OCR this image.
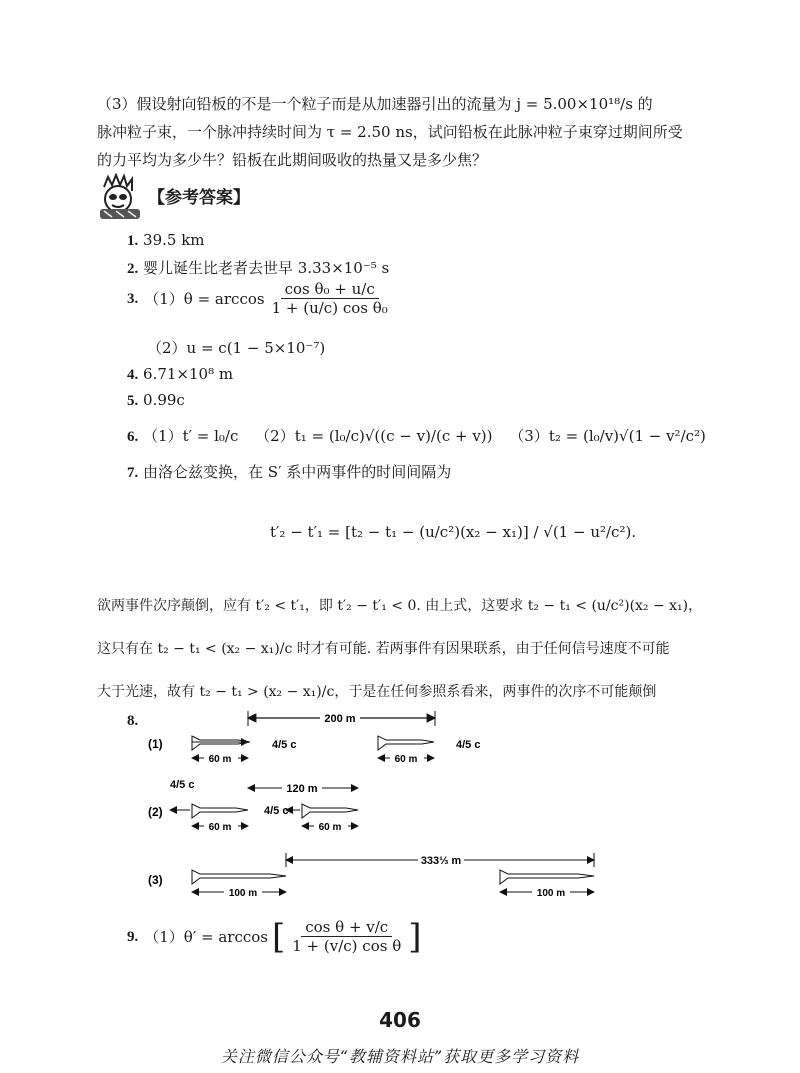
（3）假设射向铅板的不是一个粒子而是从加速器引出的流量为 j = 5.00×10¹⁸/s 的
脉冲粒子束，一个脉冲持续时间为 τ = 2.50 ns，试问铅板在此脉冲粒子束穿过期间所受
的力平均为多少牛？铅板在此期间吸收的热量又是多少焦？
【参考答案】
1. 39.5 km
2. 婴儿诞生比老者去世早 3.33×10⁻⁵ s
3. $(1)\theta = \arccos \frac{\text{cos θ₀ + u/c}}{\text{1 + (u/c) cos θ₀}}$
（2）u = c(1 − 5×10⁻⁷)
4. 6.71×10⁸ m
5. 0.99c
6. （1）t′ = l₀/c （2）t₁ = (l₀/c)√((c − v)/(c + v)) （3）t₂ = (l₀/v)√(1 − v²/c²)
7. 由洛仑兹变换，在 S′ 系中两事件的时间间隔为
t′₂ − t′₁ = [t₂ − t₁ − (u/c²)(x₂ − x₁)] / √(1 − u²/c²).
欲两事件次序颠倒，应有 t′₂ < t′₁，即 t′₂ − t′₁ < 0. 由上式，这要求 t₂ − t₁ < (u/c²)(x₂ − x₁)，
这只有在 t₂ − t₁ < (x₂ − x₁)/c 时才有可能. 若两事件有因果联系，由于任何信号速度不可能
大于光速，故有 t₂ − t₁ > (x₂ − x₁)/c，于是在任何参照系看来，两事件的次序不可能颠倒
8.
(1)
200 m
4/5 c
60 m
4/5 c
60 m
(2)
4/5 c	120 m
4/5 c
60 m	60 m
(3)
333⅓ m
100 m	100 m
9. （1）θ′ = arccos [ $\frac{\text{cos θ + v/c}}{\text{1 + (v/c) cos θ}}$ ]
406
关注微信公众号“教辅资料站”获取更多学习资料
